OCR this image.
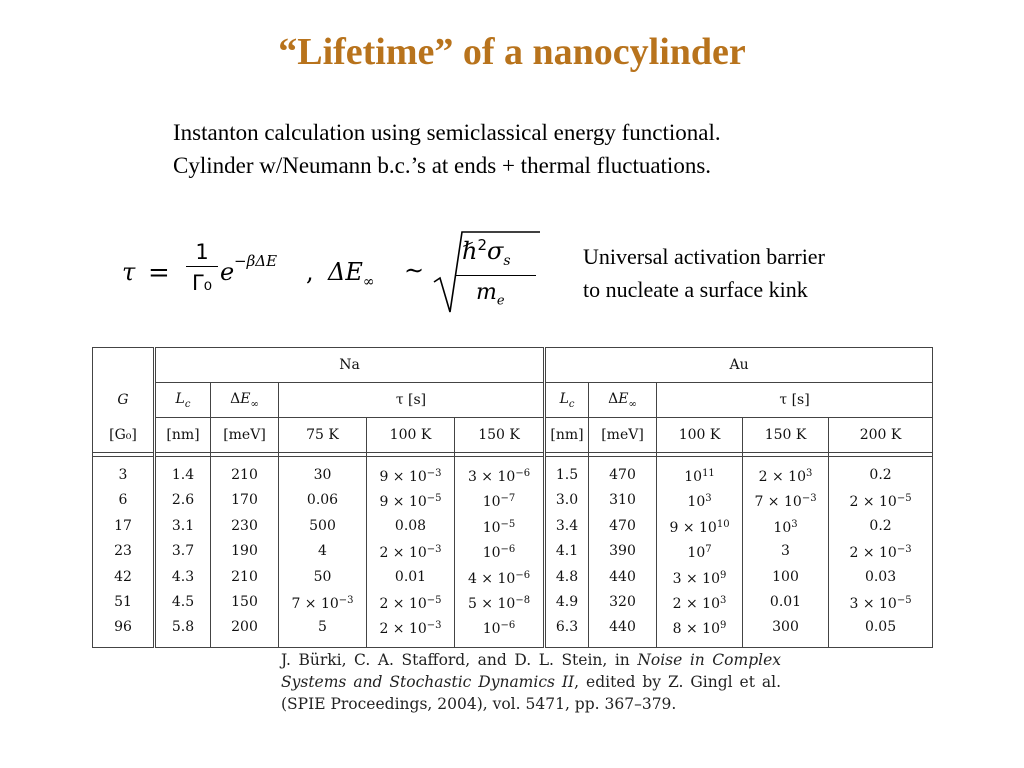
“Lifetime” of a nanocylinder
Instanton calculation using semiclassical energy functional.
Cylinder w/Neumann b.c.’s at ends + thermal fluctuations.
τ =
1
Γ₀ e −βΔE , $\Delta E_\infty$ ∼
$\hbar^2\sigma_s$
$m_e$
Universal activation barrier
to nucleate a surface kink
	Na					Au				
G	$L_c$	$\Delta E_\infty$	τ [s]			$L_c$	$\Delta E_\infty$	τ [s]		
[G₀]	[nm]	[meV]	75 K	100 K	150 K	[nm]	[meV]	100 K	150 K	200 K

3	1.4	210	30	$9 \times 10^{-3}$	$3 \times 10^{-6}$	1.5	470	$10^{11}$	$2 \times 10^3$	0.2
6	2.6	170	0.06	$9 \times 10^{-5}$	$10^{-7}$	3.0	310	$10^3$	$7 \times 10^{-3}$	$2 \times 10^{-5}$
17	3.1	230	500	0.08	$10^{-5}$	3.4	470	$9 \times 10^{10}$	$10^3$	0.2
23	3.7	190	4	$2 \times 10^{-3}$	$10^{-6}$	4.1	390	$10^7$	3	$2 \times 10^{-3}$
42	4.3	210	50	0.01	$4 \times 10^{-6}$	4.8	440	$3 \times 10^9$	100	0.03
51	4.5	150	$7 \times 10^{-3}$	$2 \times 10^{-5}$	$5 \times 10^{-8}$	4.9	320	$2 \times 10^3$	0.01	$3 \times 10^{-5}$
96	5.8	200	5	$2 \times 10^{-3}$	$10^{-6}$	6.3	440	$8 \times 10^9$	300	0.05
J. Bürki, C. A. Stafford, and D. L. Stein, in Noise in Complex Systems and Stochastic Dynamics II, edited by Z. Gingl et al. (SPIE Proceedings, 2004), vol. 5471, pp. 367–379.
